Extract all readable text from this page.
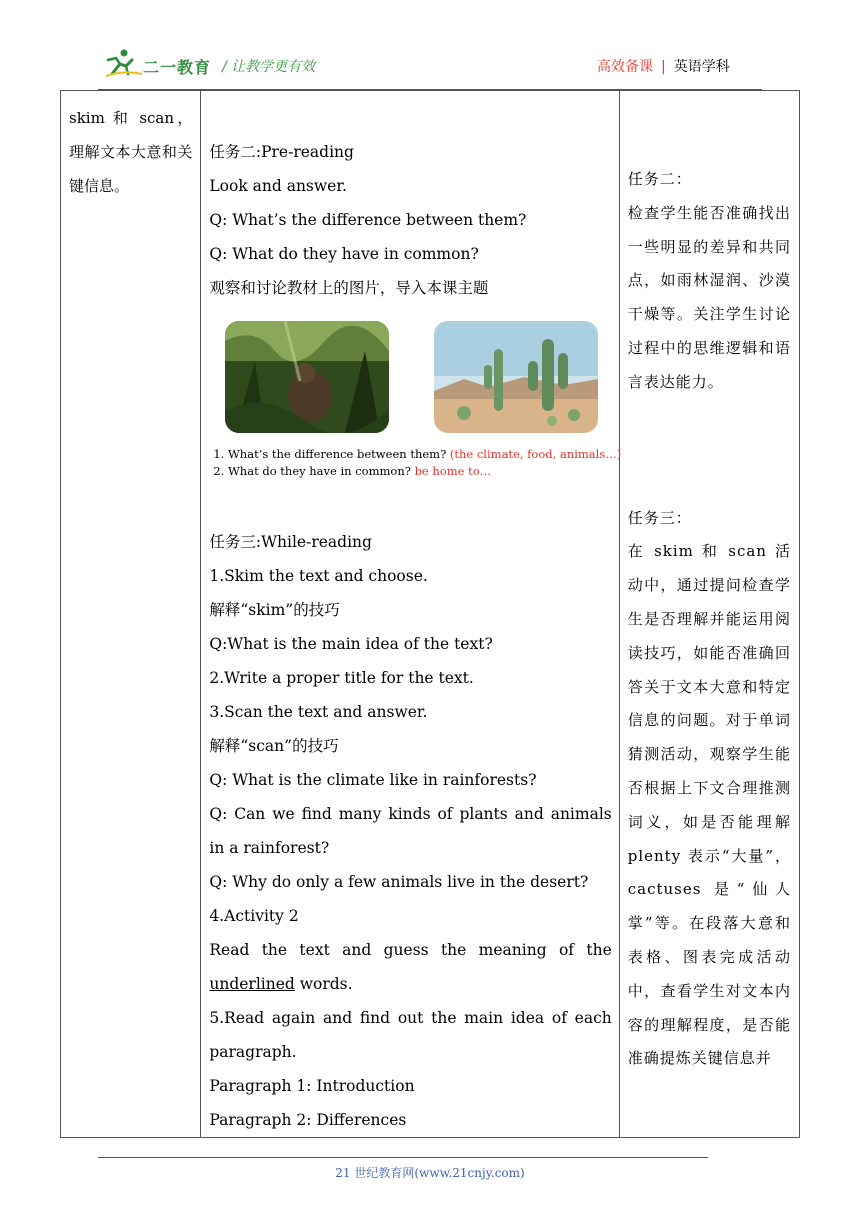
二一教育 / 让教学更有效	高效备课 | 英语学科
skim 和 scan，理解文本大意和关键信息。

任务二:Pre-reading

Look and answer.

Q: What’s the difference between them?

Q: What do they have in common?

观察和讨论教材上的图片，导入本课主题

1. What’s the difference between them? (the climate, food, animals…)
2. What do they have in common? be home to…

任务三:While-reading

1.Skim the text and choose.

解释“skim”的技巧

Q:What is the main idea of the text?

2.Write a proper title for the text.

3.Scan the text and answer.

解释“scan”的技巧

Q: What is the climate like in rainforests?

Q: Can we find many kinds of plants and animals in a rainforest?

Q: Why do only a few animals live in the desert?

4.Activity 2

Read the text and guess the meaning of the underlined words.

5.Read again and find out the main idea of each paragraph.

Paragraph 1: Introduction

Paragraph 2: Differences

任务二：

检查学生能否准确找出一些明显的差异和共同点，如雨林湿润、沙漠干燥等。关注学生讨论过程中的思维逻辑和语言表达能力。

任务三：

在 skim 和 scan 活动中，通过提问检查学生是否理解并能运用阅读技巧，如能否准确回答关于文本大意和特定信息的问题。对于单词猜测活动，观察学生能否根据上下文合理推测词义，如是否能理解 plenty 表示“大量”，cactuses 是“仙人掌”等。在段落大意和表格、图表完成活动中，查看学生对文本内容的理解程度，是否能准确提炼关键信息并

21 世纪教育网(www.21cnjy.com)
